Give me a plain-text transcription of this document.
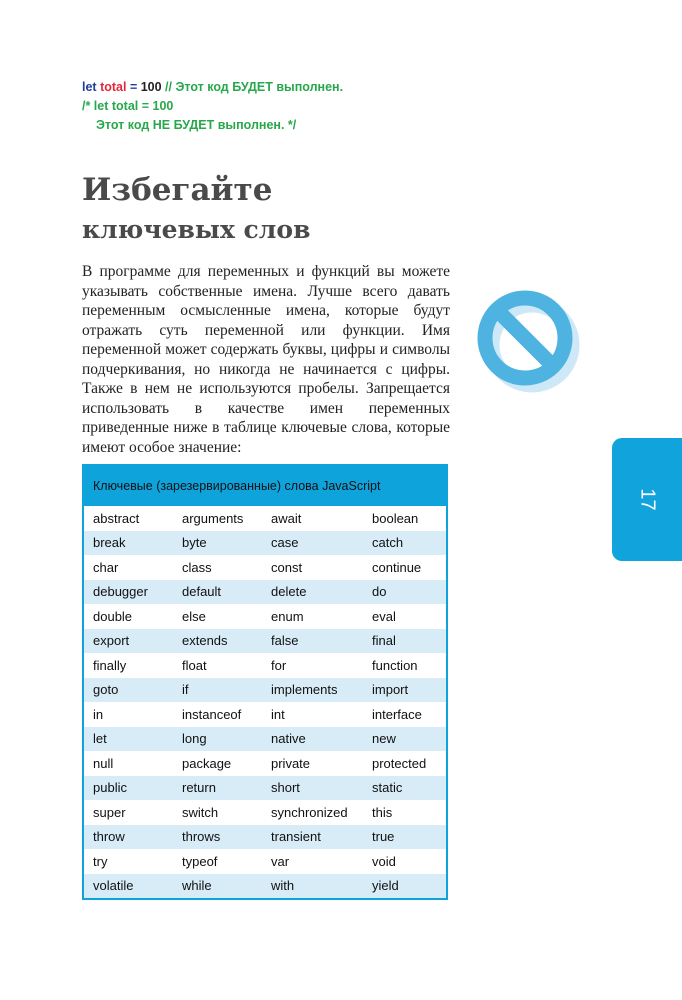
let total = 100 // Этот код БУДЕТ выполнен.
/* let total = 100
Этот код НЕ БУДЕТ выполнен. */
Избегайте
ключевых слов

В программе для переменных и функций вы можете указывать собственные имена. Лучше всего давать переменным осмысленные имена, которые будут отражать суть переменной или функции. Имя переменной может содержать буквы, цифры и символы подчеркивания, но никогда не начинается с цифры. Также в нем не используются пробелы. Запрещается использовать в качестве имен переменных приведенные ниже в таблице ключевые слова, которые имеют особое значение:

17
Ключевые (зарезервированные) слова JavaScript
abstract	arguments	await	boolean
break	byte	case	catch
char	class	const	continue
debugger	default	delete	do
double	else	enum	eval
export	extends	false	final
finally	float	for	function
goto	if	implements	import
in	instanceof	int	interface
let	long	native	new
null	package	private	protected
public	return	short	static
super	switch	synchronized	this
throw	throws	transient	true
try	typeof	var	void
volatile	while	with	yield
